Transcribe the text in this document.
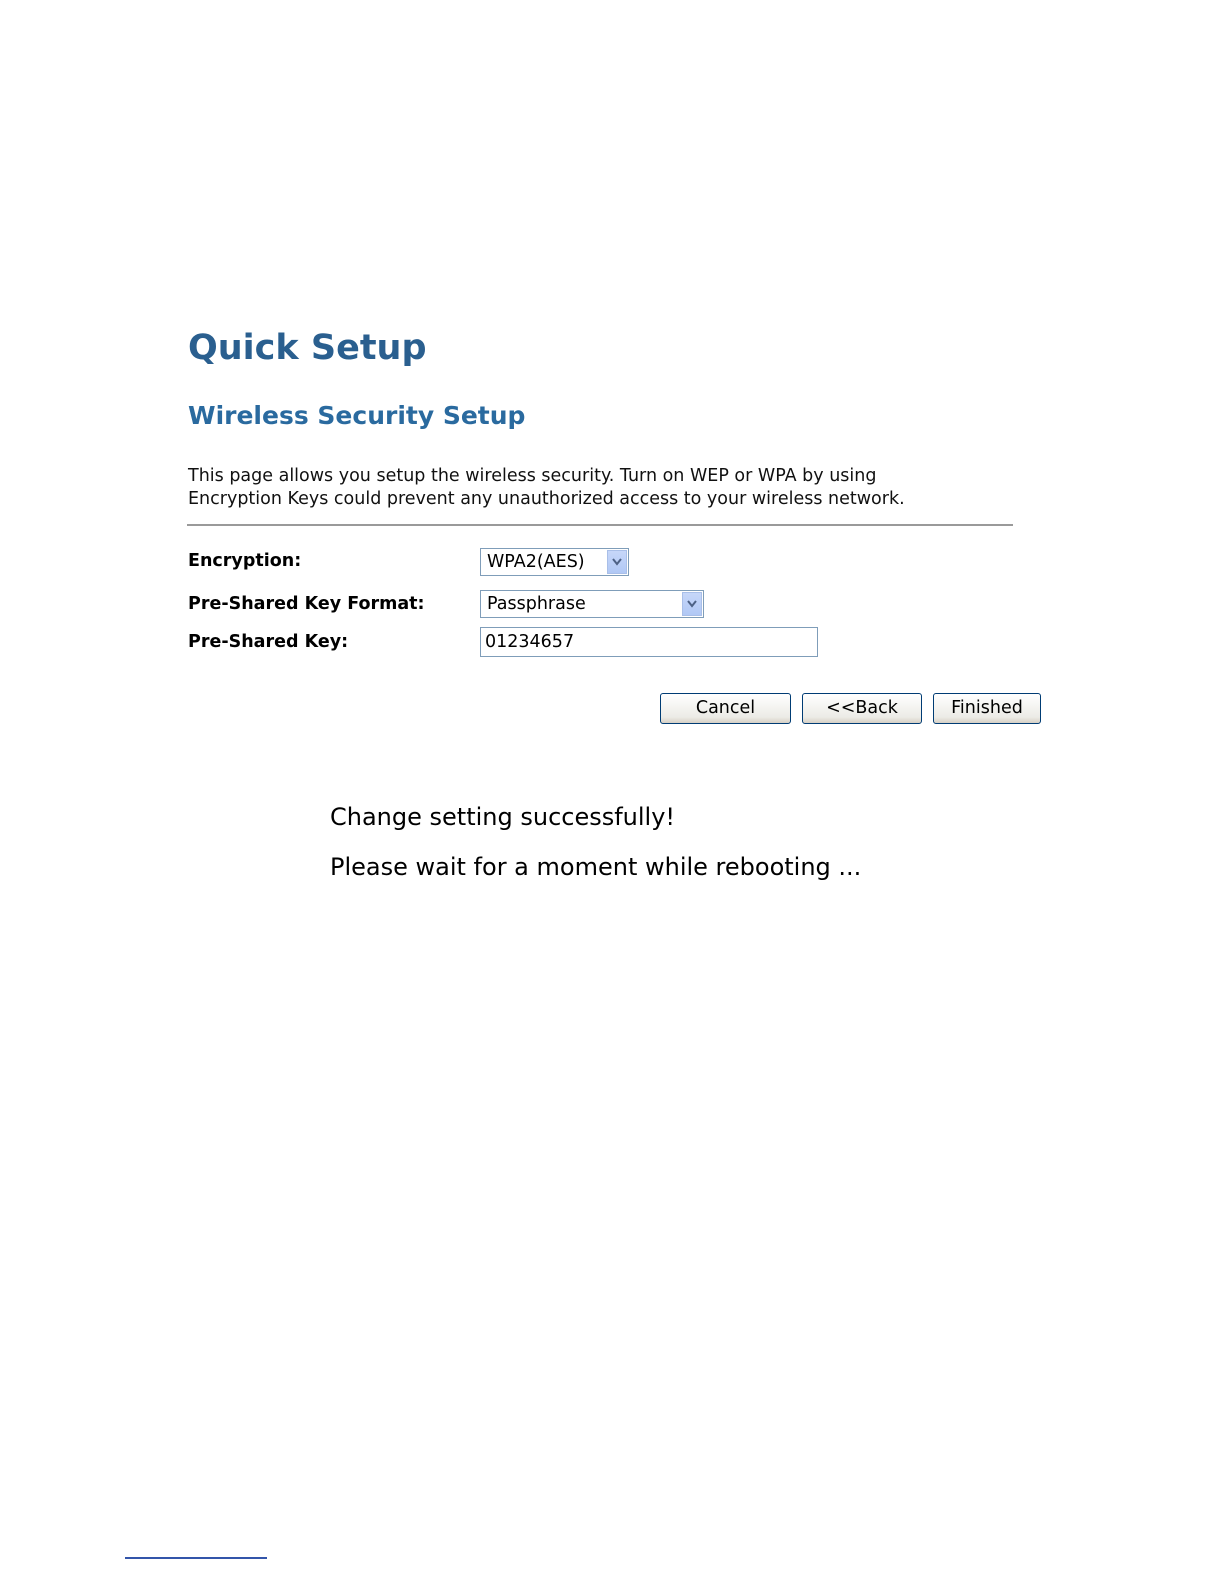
Quick Setup
Wireless Security Setup
This page allows you setup the wireless security. Turn on WEP or WPA by using
Encryption Keys could prevent any unauthorized access to your wireless network.
Encryption:	WPA2(AES)
Pre-Shared Key Format:	Passphrase
Pre-Shared Key:	01234657
Cancel	<<Back	Finished
Change setting successfully!
Please wait for a moment while rebooting ...
